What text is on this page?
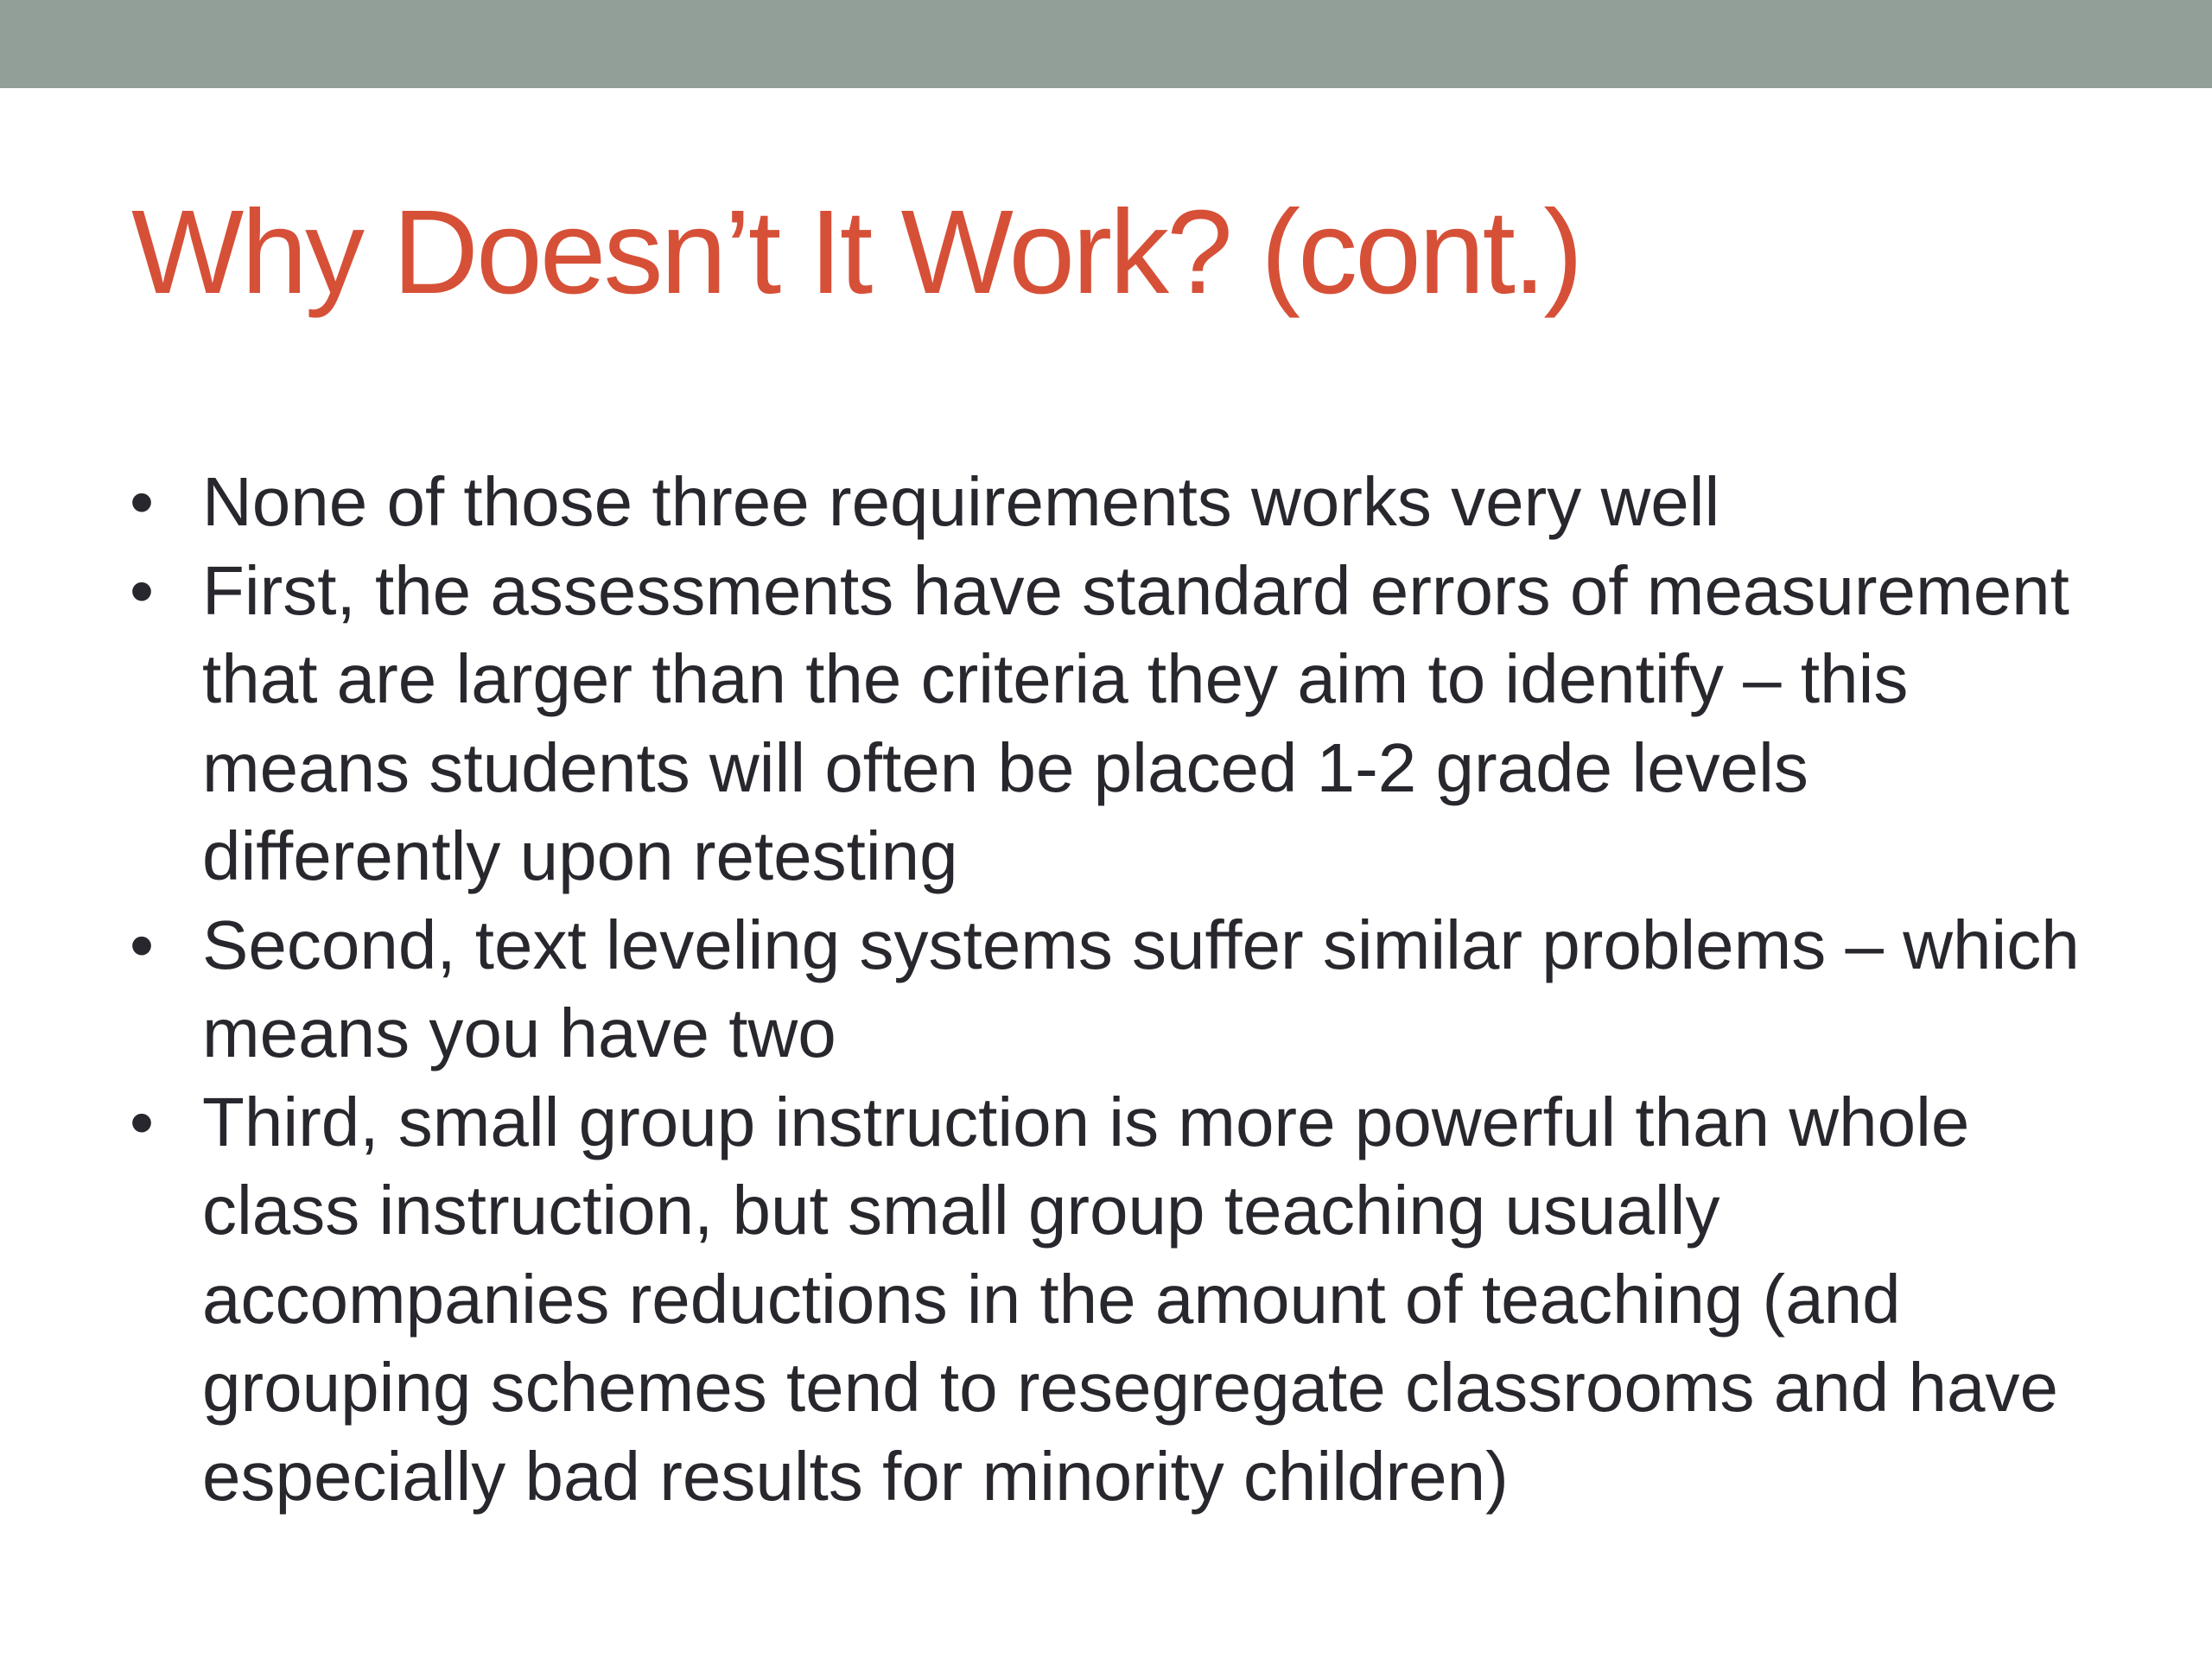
Why Doesn’t It Work? (cont.)
• None of those three requirements works very well
• First, the assessments have standard errors of measurement that are larger than the criteria they aim to identify – this means students will often be placed 1-2 grade levels differently upon retesting
• Second, text leveling systems suffer similar problems – which means you have two
• Third, small group instruction is more powerful than whole class instruction, but small group teaching usually accompanies reductions in the amount of teaching (and grouping schemes tend to resegregate classrooms and have especially bad results for minority children)
